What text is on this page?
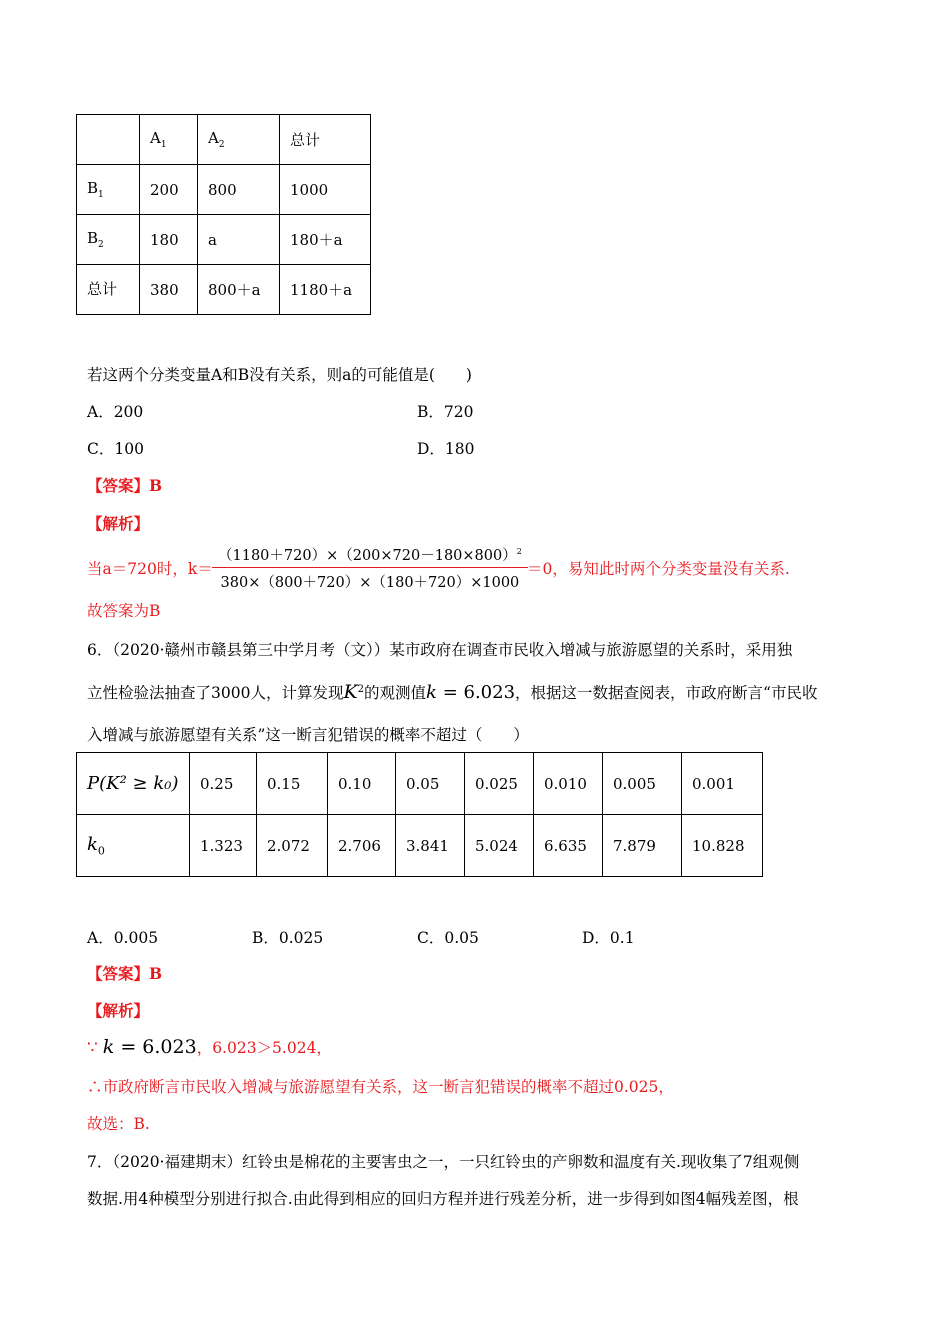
	$A_1$	$A_2$	总计
$B_1$	200	800	1000
$B_2$	180	a	180＋a
总计	380	800＋a	1180＋a
若这两个分类变量A和B没有关系，则a的可能值是(　　)
A．200	B．720
C．100	D．180
【答案】B
【解析】
当a＝720时，k＝
$(1180+720)\times(200\times 720-180\times 800)^2$
380×（800＋720）×（180＋720）×1000
＝0，易知此时两个分类变量没有关系.
故答案为B
6．（2020·赣州市赣县第三中学月考（文））某市政府在调查市民收入增减与旅游愿望的关系时，采用独
立性检验法抽查了3000人，计算发现$K^2$的观测值k = 6.023，根据这一数据查阅表，市政府断言“市民收
入增减与旅游愿望有关系”这一断言犯错误的概率不超过（　　）
P(K² ≥ k₀)	0.25	0.15	0.10	0.05	0.025	0.010	0.005	0.001
$k_0$	1.323	2.072	2.706	3.841	5.024	6.635	7.879	10.828
A．0.005	B．0.025	C．0.05	D．0.1
【答案】B
【解析】
∵ k = 6.023，6.023＞5.024，
∴市政府断言市民收入增减与旅游愿望有关系，这一断言犯错误的概率不超过0.025，
故选：B.
7．（2020·福建期末）红铃虫是棉花的主要害虫之一，一只红铃虫的产卵数和温度有关.现收集了7组观侧
数据.用4种模型分别进行拟合.由此得到相应的回归方程并进行残差分析，进一步得到如图4幅残差图，根
